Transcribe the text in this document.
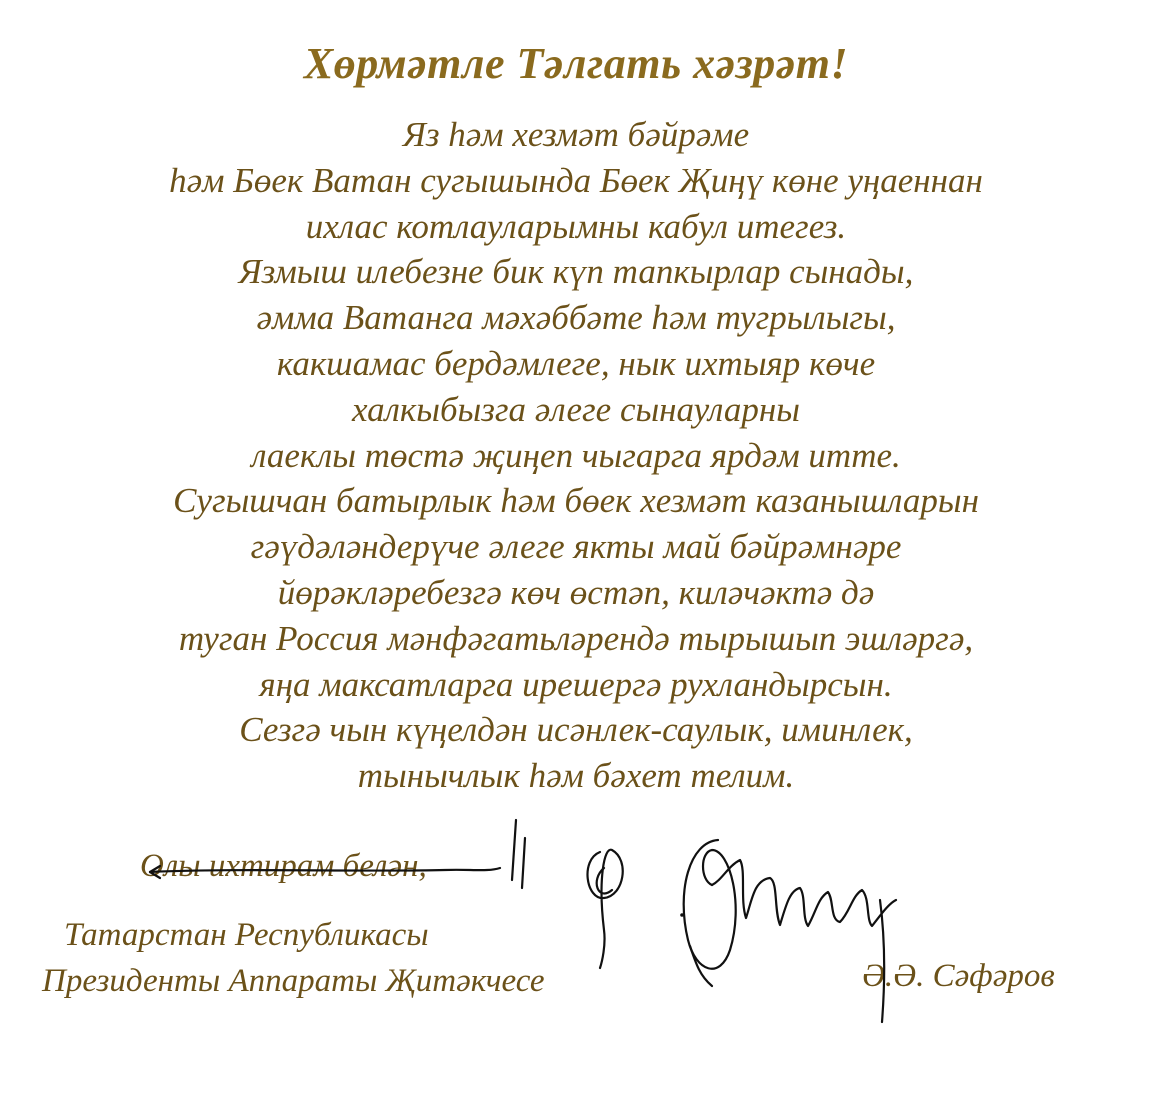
Хөрмәтле Тәлгать хәзрәт!
Яз һәм хезмәт бәйрәме
һәм Бөек Ватан сугышында Бөек Җиңү көне уңаеннан
ихлас котлауларымны кабул итегез.
Язмыш илебезне бик күп тапкырлар сынады,
әмма Ватанга мәхәббәте һәм тугрылыгы,
какшамас бердәмлеге, нык ихтыяр көче
халкыбызга әлеге сынауларны
лаеклы төстә җиңеп чыгарга ярдәм итте.
Сугышчан батырлык һәм бөек хезмәт казанышларын
гәүдәләндерүче әлеге якты май бәйрәмнәре
йөрәкләребезгә көч өстәп, киләчәктә дә
туган Россия мәнфәгатьләрендә тырышып эшләргә,
яңа максатларга ирешергә рухландырсын.
Сезгә чын күңелдән исәнлек-саулык, иминлек,
тынычлык һәм бәхет телим.
Олы ихтирам белән,
Татарстан Республикасы
Президенты Аппараты Җитәкчесе	Ә.Ә. Сәфәров
